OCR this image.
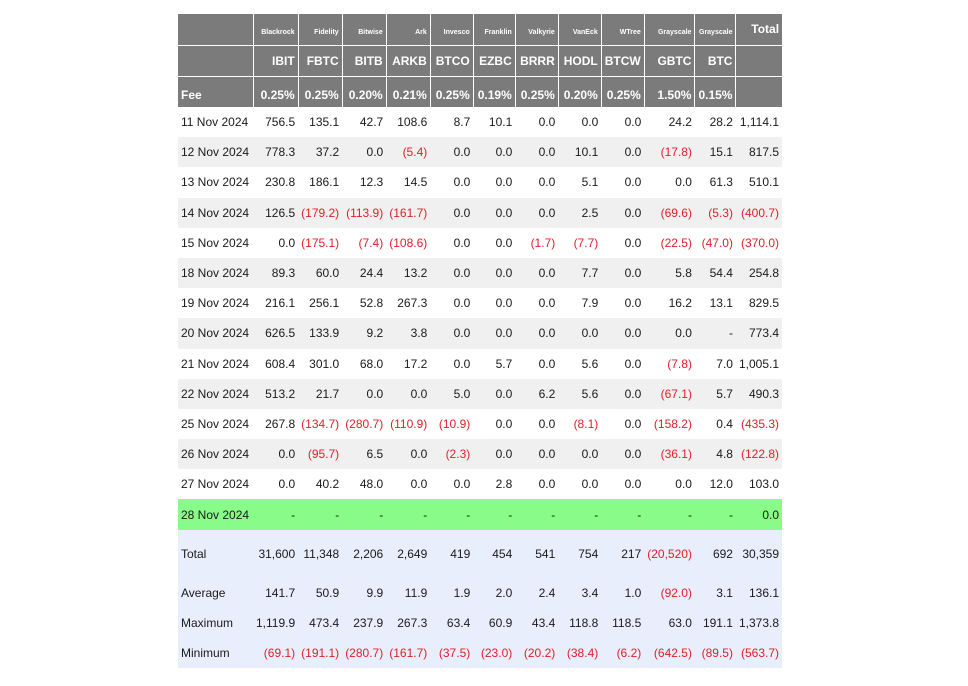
	Blackrock	Fidelity	Bitwise	Ark	Invesco	Franklin	Valkyrie	VanEck	WTree	Grayscale	Grayscale	Total
	IBIT	FBTC	BITB	ARKB	BTCO	EZBC	BRRR	HODL	BTCW	GBTC	BTC	
Fee	0.25%	0.25%	0.20%	0.21%	0.25%	0.19%	0.25%	0.20%	0.25%	1.50%	0.15%	
11 Nov 2024	756.5	135.1	42.7	108.6	8.7	10.1	0.0	0.0	0.0	24.2	28.2	1,114.1
12 Nov 2024	778.3	37.2	0.0	(5.4)	0.0	0.0	0.0	10.1	0.0	(17.8)	15.1	817.5
13 Nov 2024	230.8	186.1	12.3	14.5	0.0	0.0	0.0	5.1	0.0	0.0	61.3	510.1
14 Nov 2024	126.5	(179.2)	(113.9)	(161.7)	0.0	0.0	0.0	2.5	0.0	(69.6)	(5.3)	(400.7)
15 Nov 2024	0.0	(175.1)	(7.4)	(108.6)	0.0	0.0	(1.7)	(7.7)	0.0	(22.5)	(47.0)	(370.0)
18 Nov 2024	89.3	60.0	24.4	13.2	0.0	0.0	0.0	7.7	0.0	5.8	54.4	254.8
19 Nov 2024	216.1	256.1	52.8	267.3	0.0	0.0	0.0	7.9	0.0	16.2	13.1	829.5
20 Nov 2024	626.5	133.9	9.2	3.8	0.0	0.0	0.0	0.0	0.0	0.0	-	773.4
21 Nov 2024	608.4	301.0	68.0	17.2	0.0	5.7	0.0	5.6	0.0	(7.8)	7.0	1,005.1
22 Nov 2024	513.2	21.7	0.0	0.0	5.0	0.0	6.2	5.6	0.0	(67.1)	5.7	490.3
25 Nov 2024	267.8	(134.7)	(280.7)	(110.9)	(10.9)	0.0	0.0	(8.1)	0.0	(158.2)	0.4	(435.3)
26 Nov 2024	0.0	(95.7)	6.5	0.0	(2.3)	0.0	0.0	0.0	0.0	(36.1)	4.8	(122.8)
27 Nov 2024	0.0	40.2	48.0	0.0	0.0	2.8	0.0	0.0	0.0	0.0	12.0	103.0
28 Nov 2024	-	-	-	-	-	-	-	-	-	-	-	0.0
Total	31,600	11,348	2,206	2,649	419	454	541	754	217	(20,520)	692	30,359
Average	141.7	50.9	9.9	11.9	1.9	2.0	2.4	3.4	1.0	(92.0)	3.1	136.1
Maximum	1,119.9	473.4	237.9	267.3	63.4	60.9	43.4	118.8	118.5	63.0	191.1	1,373.8
Minimum	(69.1)	(191.1)	(280.7)	(161.7)	(37.5)	(23.0)	(20.2)	(38.4)	(6.2)	(642.5)	(89.5)	(563.7)
